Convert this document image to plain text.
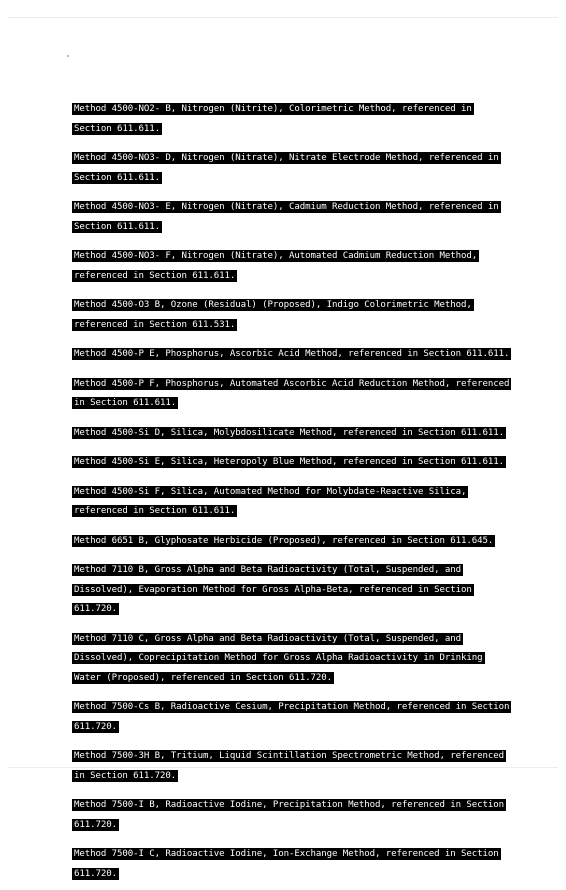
Method 4500-NO2- B, Nitrogen (Nitrite), Colorimetric Method, referenced in Section 611.611.
Method 4500-NO3- D, Nitrogen (Nitrate), Nitrate Electrode Method, referenced in Section 611.611.
Method 4500-NO3- E, Nitrogen (Nitrate), Cadmium Reduction Method, referenced in Section 611.611.
Method 4500-NO3- F, Nitrogen (Nitrate), Automated Cadmium Reduction Method, referenced in Section 611.611.
Method 4500-O3 B, Ozone (Residual) (Proposed), Indigo Colorimetric Method, referenced in Section 611.531.
Method 4500-P E, Phosphorus, Ascorbic Acid Method, referenced in Section 611.611.
Method 4500-P F, Phosphorus, Automated Ascorbic Acid Reduction Method, referenced in Section 611.611.
Method 4500-Si D, Silica, Molybdosilicate Method, referenced in Section 611.611.
Method 4500-Si E, Silica, Heteropoly Blue Method, referenced in Section 611.611.
Method 4500-Si F, Silica, Automated Method for Molybdate-Reactive Silica, referenced in Section 611.611.
Method 6651 B, Glyphosate Herbicide (Proposed), referenced in Section 611.645.
Method 7110 B, Gross Alpha and Beta Radioactivity (Total, Suspended, and Dissolved), Evaporation Method for Gross Alpha-Beta, referenced in Section 611.720.
Method 7110 C, Gross Alpha and Beta Radioactivity (Total, Suspended, and Dissolved), Coprecipitation Method for Gross Alpha Radioactivity in Drinking Water (Proposed), referenced in Section 611.720.
Method 7500-Cs B, Radioactive Cesium, Precipitation Method, referenced in Section 611.720.
Method 7500-3H B, Tritium, Liquid Scintillation Spectrometric Method, referenced in Section 611.720.
Method 7500-I B, Radioactive Iodine, Precipitation Method, referenced in Section 611.720.
Method 7500-I C, Radioactive Iodine, Ion-Exchange Method, referenced in Section 611.720.
